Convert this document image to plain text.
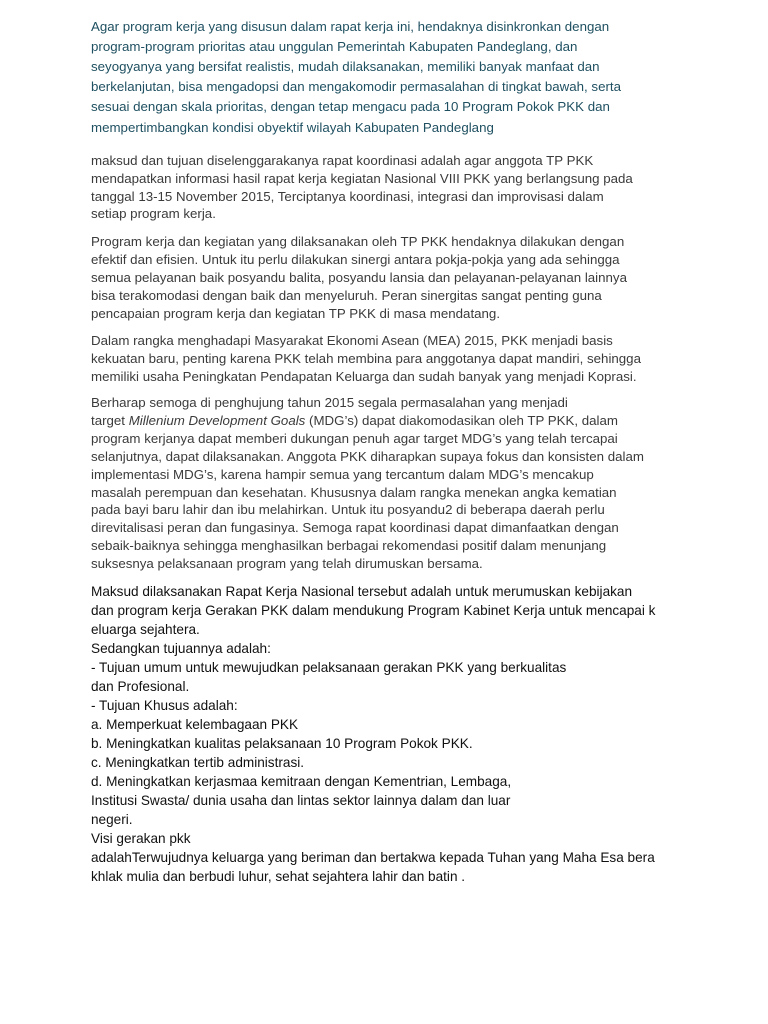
Agar program kerja yang disusun dalam rapat kerja ini, hendaknya disinkronkan dengan
program-program prioritas atau unggulan Pemerintah Kabupaten Pandeglang, dan
seyogyanya yang bersifat realistis, mudah dilaksanakan, memiliki banyak manfaat dan
berkelanjutan, bisa mengadopsi dan mengakomodir permasalahan di tingkat bawah, serta
sesuai dengan skala prioritas, dengan tetap mengacu pada 10 Program Pokok PKK dan
mempertimbangkan kondisi obyektif wilayah Kabupaten Pandeglang
maksud dan tujuan diselenggarakanya rapat koordinasi adalah agar anggota TP PKK
mendapatkan informasi hasil rapat kerja kegiatan Nasional VIII PKK yang berlangsung pada
tanggal 13-15 November 2015, Terciptanya koordinasi, integrasi dan improvisasi dalam
setiap program kerja.
Program kerja dan kegiatan yang dilaksanakan oleh TP PKK hendaknya dilakukan dengan
efektif dan efisien. Untuk itu perlu dilakukan sinergi antara pokja-pokja yang ada sehingga
semua pelayanan baik posyandu balita, posyandu lansia dan pelayanan-pelayanan lainnya
bisa terakomodasi dengan baik dan menyeluruh. Peran sinergitas sangat penting guna
pencapaian program kerja dan kegiatan TP PKK di masa mendatang.
Dalam rangka menghadapi Masyarakat Ekonomi Asean (MEA) 2015, PKK menjadi basis
kekuatan baru, penting karena PKK telah membina para anggotanya dapat mandiri, sehingga
memiliki usaha Peningkatan Pendapatan Keluarga dan sudah banyak yang menjadi Koprasi.
Berharap semoga di penghujung tahun 2015 segala permasalahan yang menjadi
target Millenium Development Goals (MDG’s) dapat diakomodasikan oleh TP PKK, dalam
program kerjanya dapat memberi dukungan penuh agar target MDG’s yang telah tercapai
selanjutnya, dapat dilaksanakan. Anggota PKK diharapkan supaya fokus dan konsisten dalam
implementasi MDG’s, karena hampir semua yang tercantum dalam MDG’s mencakup
masalah perempuan dan kesehatan. Khususnya dalam rangka menekan angka kematian
pada bayi baru lahir dan ibu melahirkan. Untuk itu posyandu2 di beberapa daerah perlu
direvitalisasi peran dan fungasinya. Semoga rapat koordinasi dapat dimanfaatkan dengan
sebaik-baiknya sehingga menghasilkan berbagai rekomendasi positif dalam menunjang
suksesnya pelaksanaan program yang telah dirumuskan bersama.
Maksud dilaksanakan Rapat Kerja Nasional tersebut adalah untuk merumuskan kebijakan
dan program kerja Gerakan PKK dalam mendukung Program Kabinet Kerja untuk mencapai k
eluarga sejahtera.
Sedangkan tujuannya adalah:
- Tujuan umum untuk mewujudkan pelaksanaan gerakan PKK yang berkualitas
dan Profesional.
- Tujuan Khusus adalah:
a. Memperkuat kelembagaan PKK
b. Meningkatkan kualitas pelaksanaan 10 Program Pokok PKK.
c. Meningkatkan tertib administrasi.
d. Meningkatkan kerjasmaa kemitraan dengan Kementrian, Lembaga,
Institusi Swasta/ dunia usaha dan lintas sektor lainnya dalam dan luar
negeri.
Visi gerakan pkk
adalahTerwujudnya keluarga yang beriman dan bertakwa kepada Tuhan yang Maha Esa bera
khlak mulia dan berbudi luhur, sehat sejahtera lahir dan batin .
